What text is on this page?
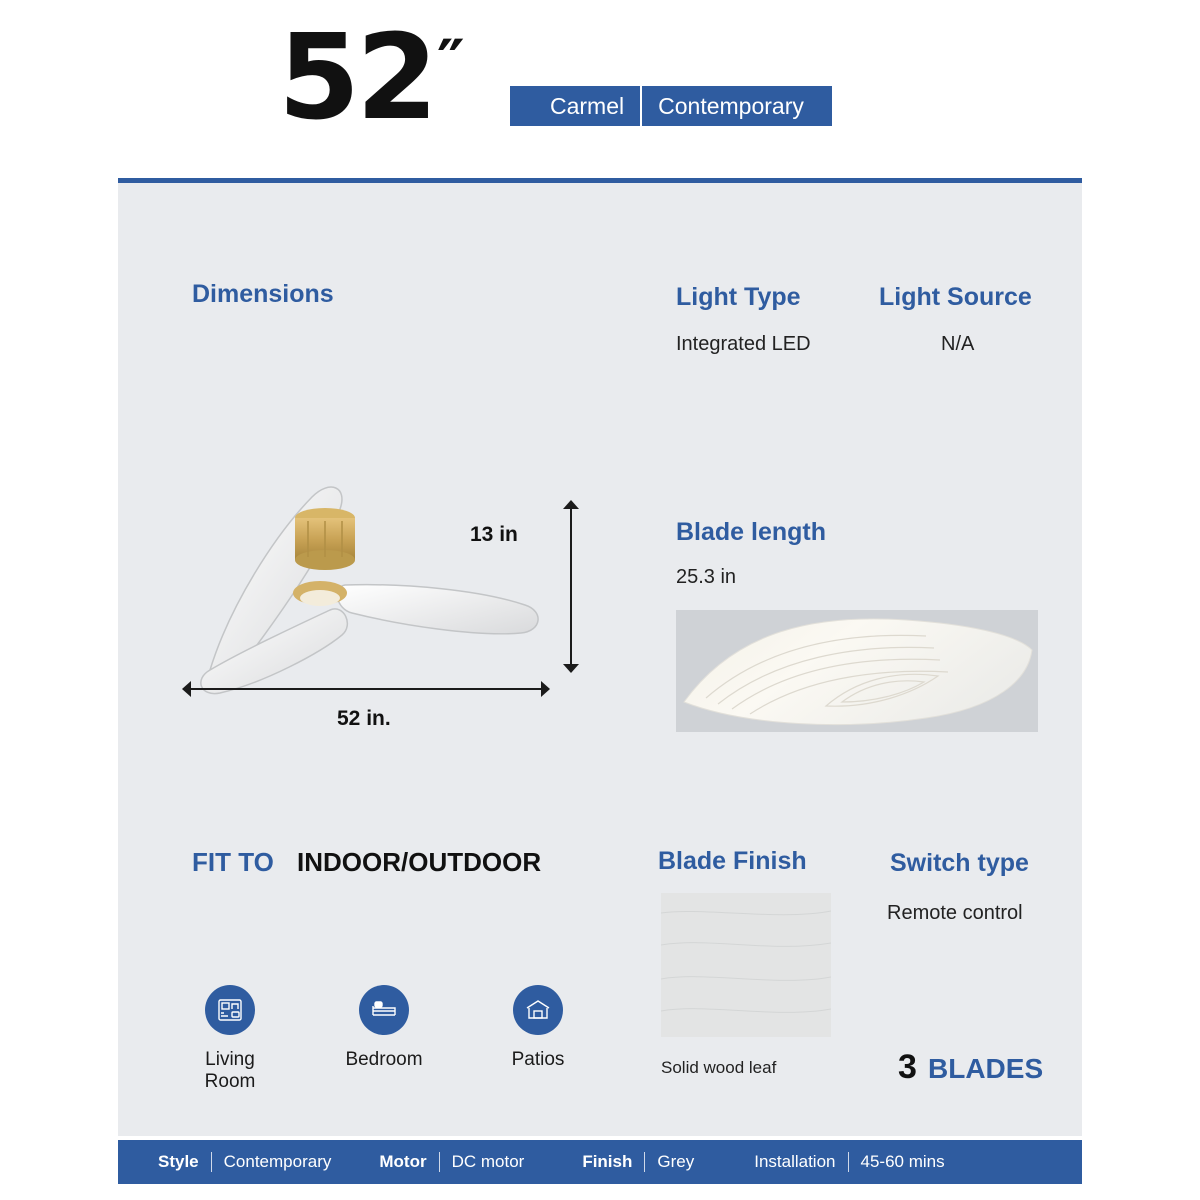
52 ″
Carmel	Contemporary
Dimensions	Light Type
Integrated LED
Light Source
N/A
13 in
52 in.
Blade length
25.3 in
FIT TO INDOOR/OUTDOOR
Living Room
Bedroom	Patios
Blade Finish
Solid wood leaf
Switch type
Remote control
3 BLADES
Style	Contemporary	Motor	DC motor	Finish	Grey	Installation	45-60 mins
